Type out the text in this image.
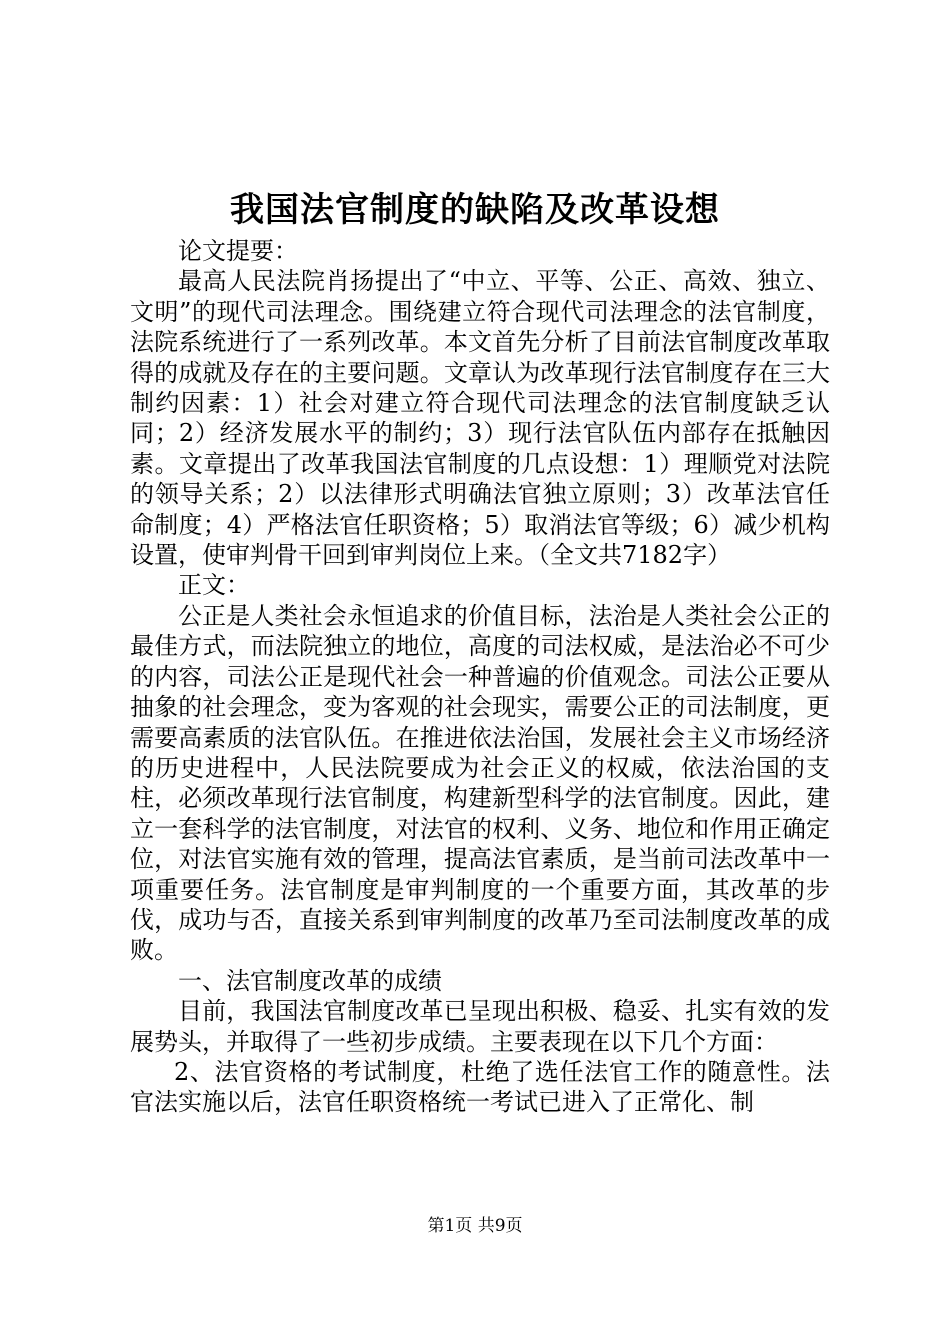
我国法官制度的缺陷及改革设想

论文提要：

最高人民法院肖扬提出了“中立、平等、公正、高效、独立、文明”的现代司法理念。围绕建立符合现代司法理念的法官制度，法院系统进行了一系列改革。本文首先分析了目前法官制度改革取得的成就及存在的主要问题。文章认为改革现行法官制度存在三大制约因素：1）社会对建立符合现代司法理念的法官制度缺乏认同；2）经济发展水平的制约；3）现行法官队伍内部存在抵触因素。文章提出了改革我国法官制度的几点设想：1）理顺党对法院的领导关系；2）以法律形式明确法官独立原则；3）改革法官任命制度；4）严格法官任职资格；5）取消法官等级；6）减少机构设置，使审判骨干回到审判岗位上来。（全文共7182字）

正文：

公正是人类社会永恒追求的价值目标，法治是人类社会公正的最佳方式，而法院独立的地位，高度的司法权威，是法治必不可少的内容，司法公正是现代社会一种普遍的价值观念。司法公正要从抽象的社会理念，变为客观的社会现实，需要公正的司法制度，更需要高素质的法官队伍。在推进依法治国，发展社会主义市场经济的历史进程中，人民法院要成为社会正义的权威，依法治国的支柱，必须改革现行法官制度，构建新型科学的法官制度。因此，建立一套科学的法官制度，对法官的权利、义务、地位和作用正确定位，对法官实施有效的管理，提高法官素质，是当前司法改革中一项重要任务。法官制度是审判制度的一个重要方面，其改革的步伐，成功与否，直接关系到审判制度的改革乃至司法制度改革的成败。

一、法官制度改革的成绩

目前，我国法官制度改革已呈现出积极、稳妥、扎实有效的发展势头，并取得了一些初步成绩。主要表现在以下几个方面：

2、法官资格的考试制度，杜绝了选任法官工作的随意性。法官法实施以后，法官任职资格统一考试已进入了正常化、制

第1页 共9页
